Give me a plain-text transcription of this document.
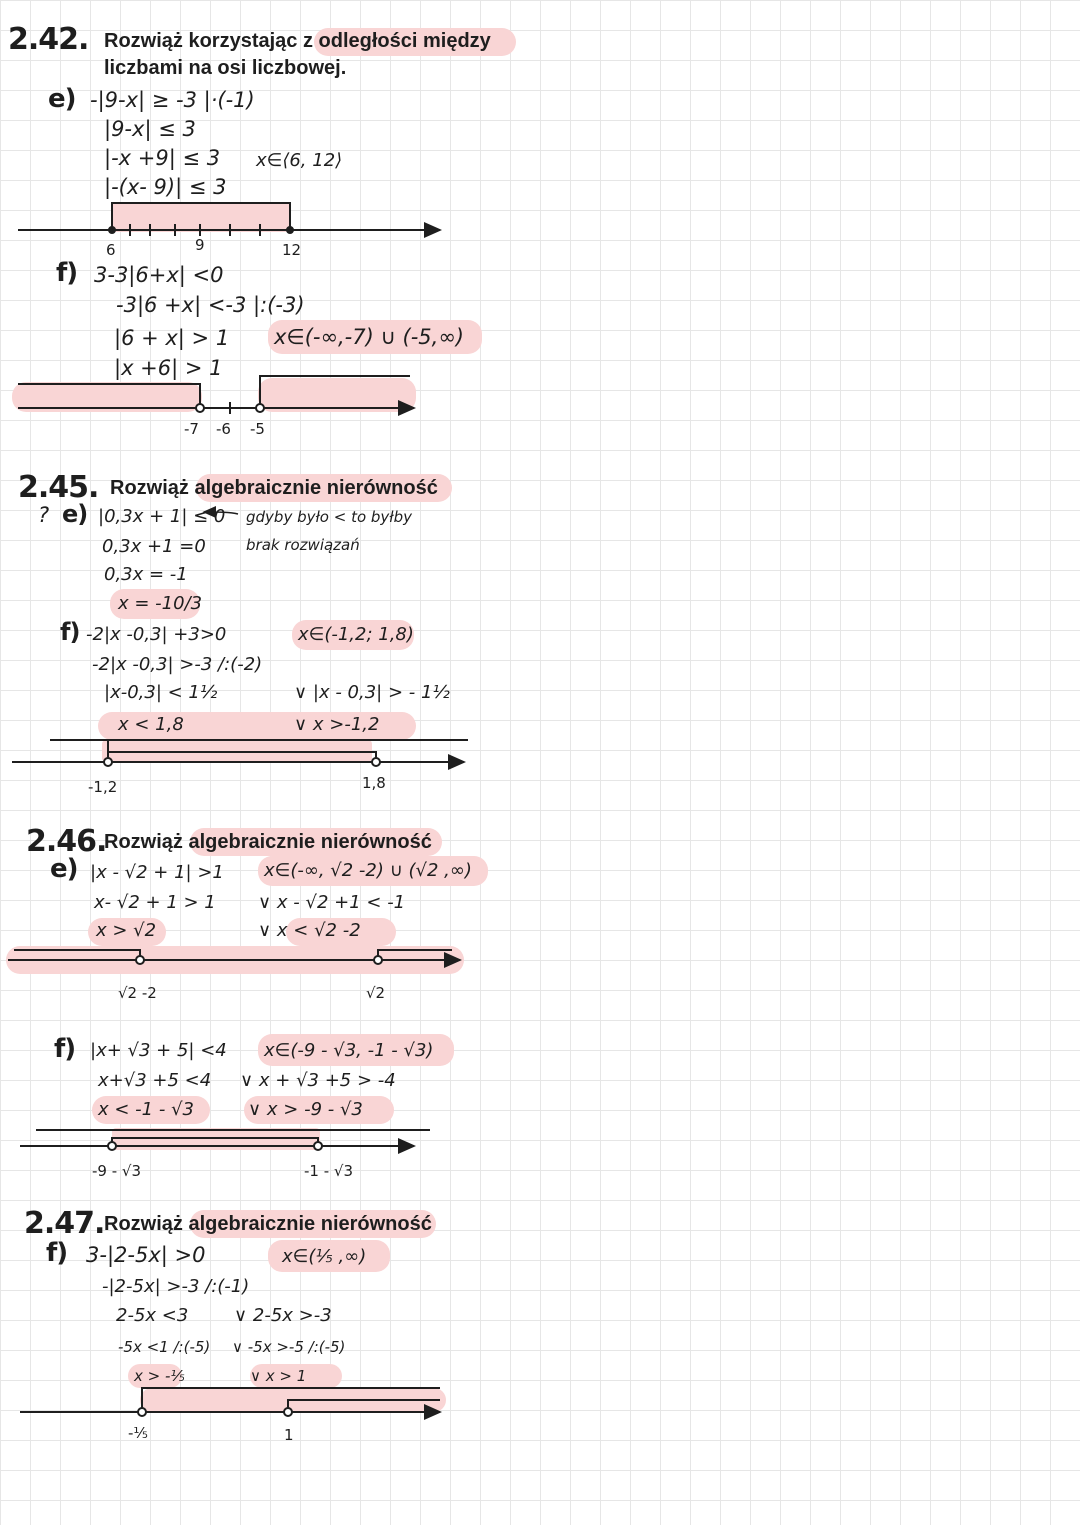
2.42. Rozwiąż korzystając z odległości między
liczbami na osi liczbowej.
e) -|9-x| ≥ -3 |·(-1)
|9-x| ≤ 3
|-x +9| ≤ 3 x∈⟨6, 12⟩
|-(x- 9)| ≤ 3
6	9	12
f) 3-3|6+x| <0
-3|6 +x| <-3 |:(-3)
|6 + x| > 1 x∈(-∞,-7) ∪ (-5,∞)
|x +6| > 1
-7 -6 -5
2.45. Rozwiąż algebraicznie nierówność
? e) |0,3x + 1| ≤ 0 gdyby było < to byłby
brak rozwiązań
0,3x +1 =0
0,3x = -1
x = -10/3
f) -2|x -0,3| +3>0	x∈(-1,2; 1,8)
-2|x -0,3| >-3 /:(-2)
|x-0,3| < 1½	∨ |x - 0,3| > - 1½
x < 1,8	∨ x >-1,2
-1,2	1,8
2.46.
Rozwiąż algebraicznie nierówność
e) |x - √2 + 1| >1 x∈(-∞, √2 -2) ∪ (√2 ,∞)
x- √2 + 1 > 1 ∨ x - √2 +1 < -1
x > √2	∨ x < √2 -2
√2 -2	√2
f) |x+ √3 + 5| <4 x∈(-9 - √3, -1 - √3)
x+√3 +5 <4 ∨ x + √3 +5 > -4
x < -1 - √3	∨ x > -9 - √3
-9 - √3	-1 - √3
2.47. Rozwiąż algebraicznie nierówność
f) 3-|2-5x| >0	x∈(⅕ ,∞)
-|2-5x| >-3 /:(-1)
2-5x <3	∨ 2-5x >-3
-5x <1 /:(-5) ∨ -5x >-5 /:(-5)
x > -⅕	∨ x > 1
-⅕	1
